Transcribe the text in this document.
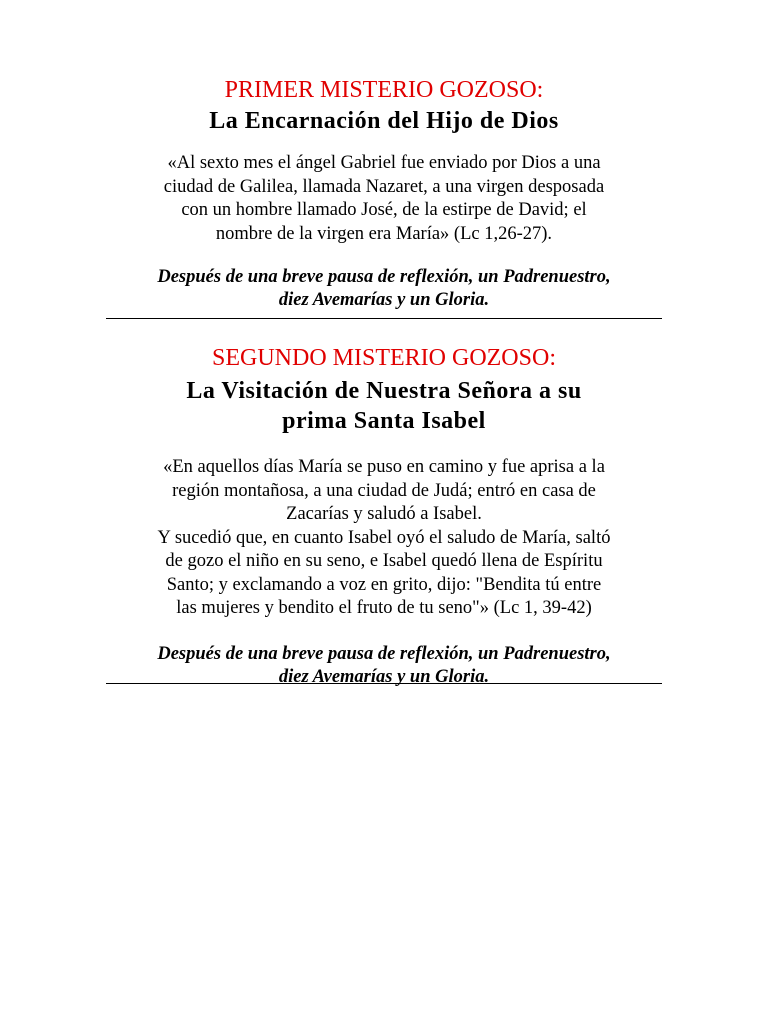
PRIMER MISTERIO GOZOSO:
La Encarnación del Hijo de Dios
«Al sexto mes el ángel Gabriel fue enviado por Dios a una
ciudad de Galilea, llamada Nazaret, a una virgen desposada
con un hombre llamado José, de la estirpe de David; el
nombre de la virgen era María» (Lc 1,26-27).
Después de una breve pausa de reflexión, un Padrenuestro,
diez Avemarías y un Gloria.
SEGUNDO MISTERIO GOZOSO:
La Visitación de Nuestra Señora a su
prima Santa Isabel
«En aquellos días María se puso en camino y fue aprisa a la
región montañosa, a una ciudad de Judá; entró en casa de
Zacarías y saludó a Isabel.
Y sucedió que, en cuanto Isabel oyó el saludo de María, saltó
de gozo el niño en su seno, e Isabel quedó llena de Espíritu
Santo; y exclamando a voz en grito, dijo: "Bendita tú entre
las mujeres y bendito el fruto de tu seno"» (Lc 1, 39-42)
Después de una breve pausa de reflexión, un Padrenuestro,
diez Avemarías y un Gloria.
